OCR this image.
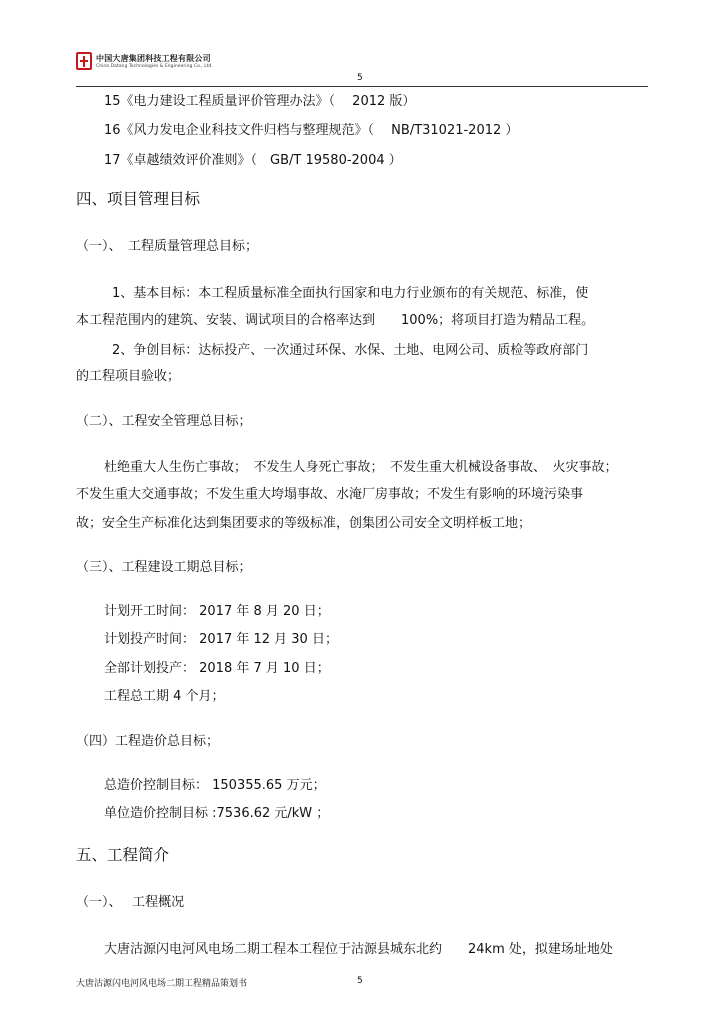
中国大唐集团科技工程有限公司
China Datang Technologies & Engineering Co., Ltd.
5
15《电力建设工程质量评价管理办法》（　 2012 版）
16《风力发电企业科技文件归档与整理规范》（　 NB/T31021-2012 ）
17《卓越绩效评价准则》（　GB/T 19580-2004 ）
四、项目管理目标
（一）、　工程质量管理总目标；
1、基本目标：本工程质量标准全面执行国家和电力行业颁布的有关规范、标准，使
本工程范围内的建筑、安装、调试项目的合格率达到　　100%；将项目打造为精品工程。
2、争创目标：达标投产、一次通过环保、水保、土地、电网公司、质检等政府部门
的工程项目验收；
（二）、工程安全管理总目标；
杜绝重大人生伤亡事故；　不发生人身死亡事故；　不发生重大机械设备事故、　火灾事故；
不发生重大交通事故；不发生重大垮塌事故、水淹厂房事故；不发生有影响的环境污染事
故；安全生产标准化达到集团要求的等级标准，创集团公司安全文明样板工地；
（三）、工程建设工期总目标；
计划开工时间： 2017 年 8 月 20 日；
计划投产时间： 2017 年 12 月 30 日；
全部计划投产： 2018 年 7 月 10 日；
工程总工期 4 个月；
（四）工程造价总目标；
总造价控制目标： 150355.65 万元；
单位造价控制目标 :7536.62 元/kW ；
五、工程简介
（一）、　 工程概况
大唐沽源闪电河风电场二期工程本工程位于沽源县城东北约　　24km 处，拟建场址地处
大唐沽源闪电河风电场二期工程精品策划书	5
